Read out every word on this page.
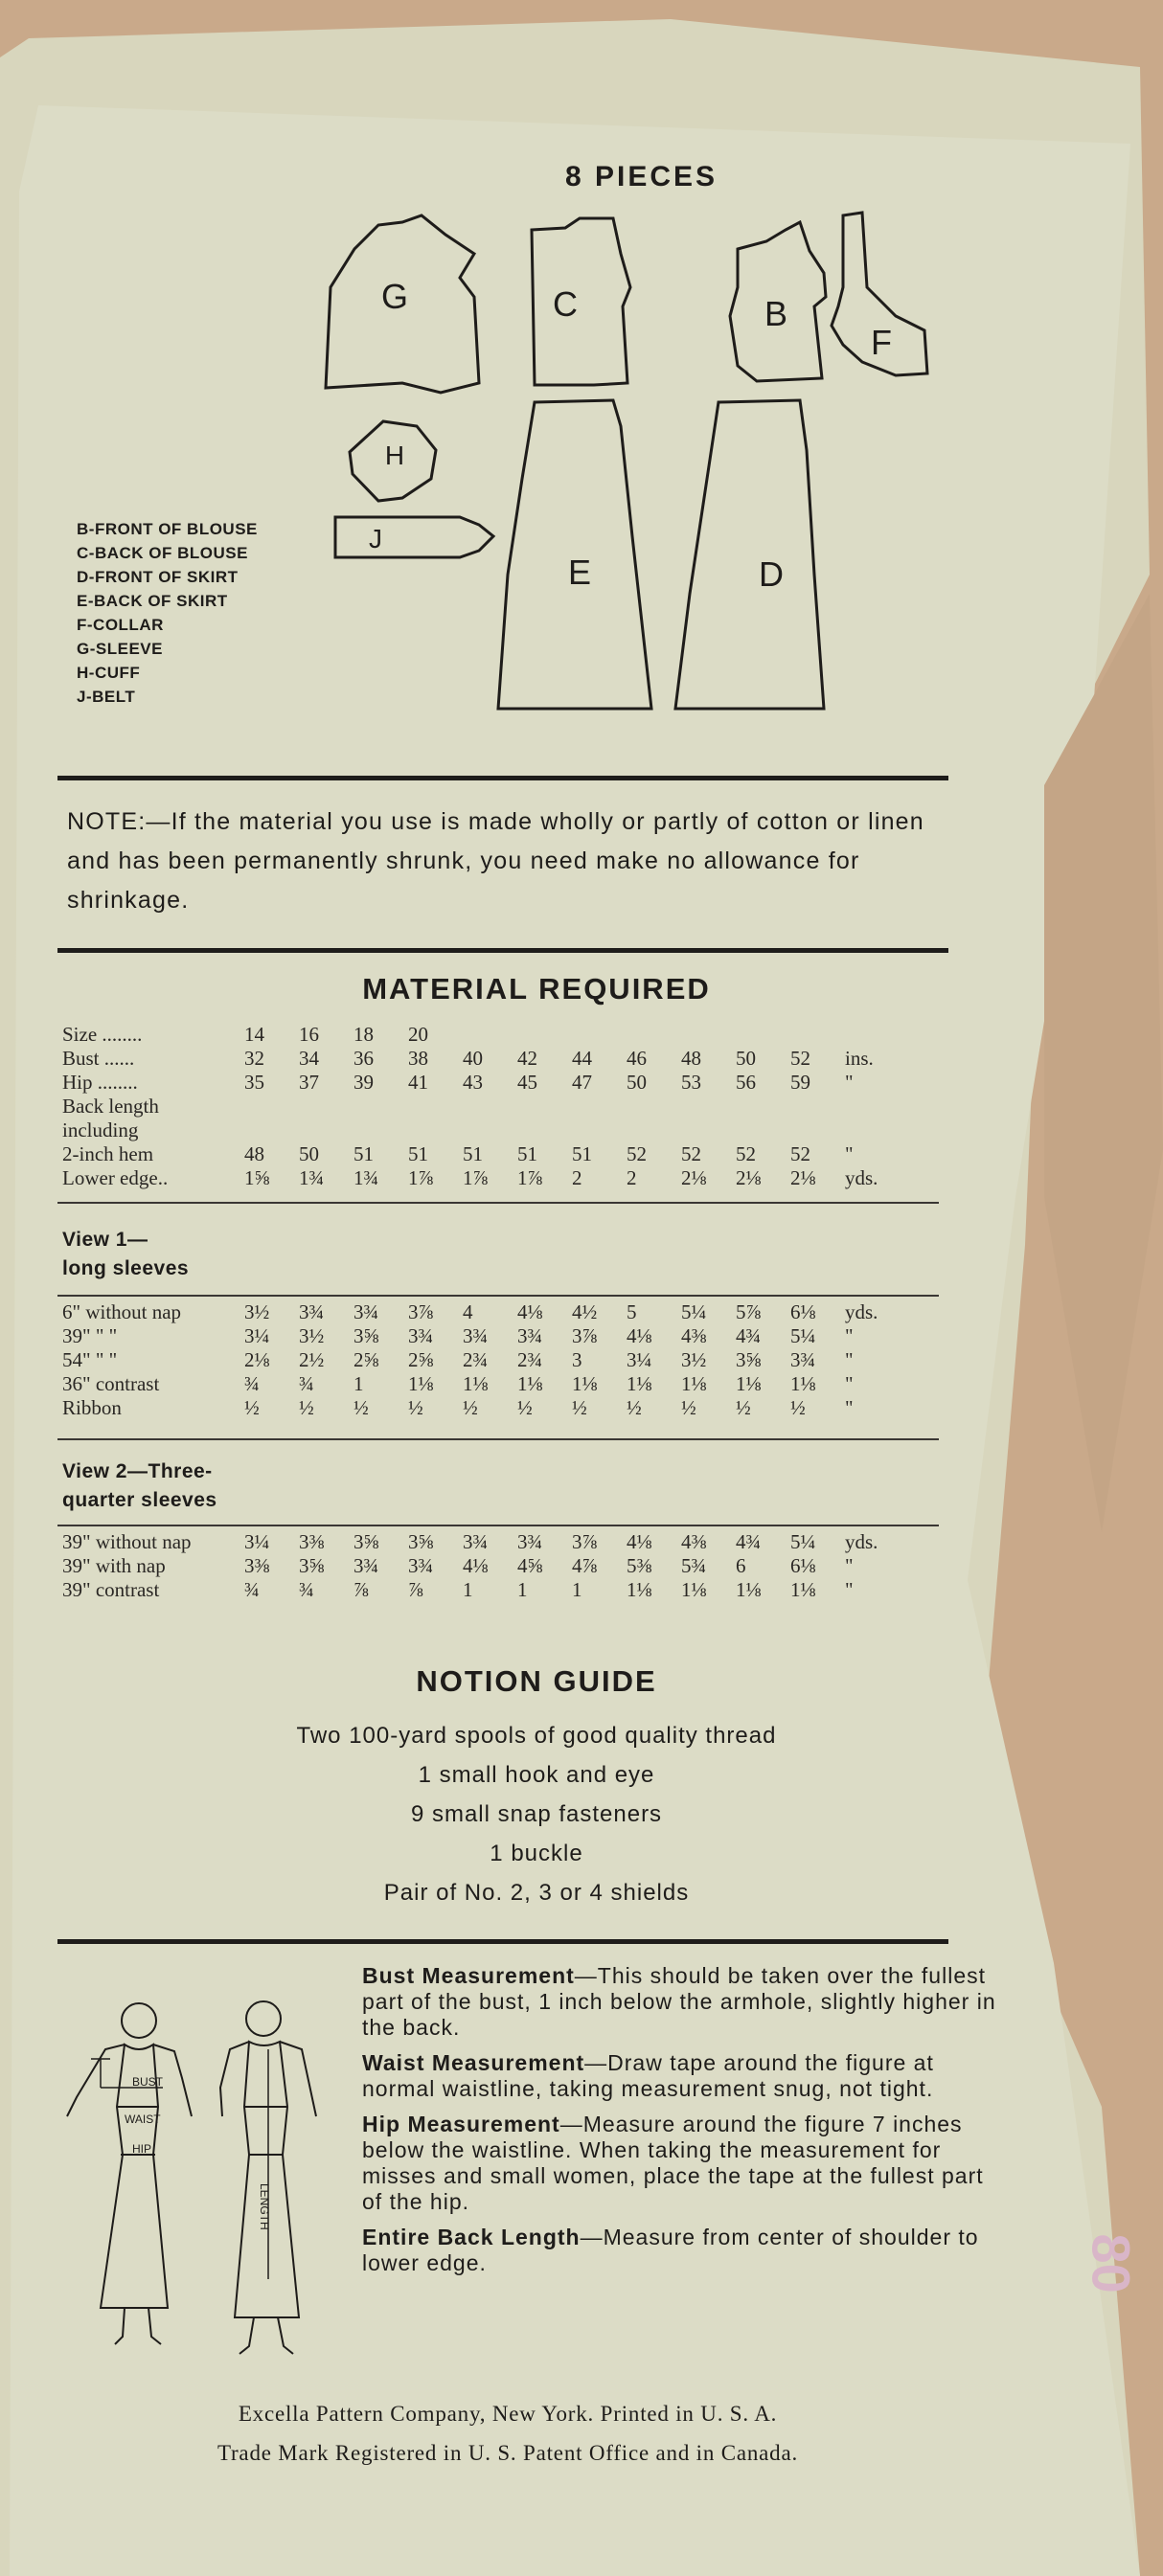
8 PIECES
G	C	B
F
H
J
E	D
B-FRONT OF BLOUSE
C-BACK OF BLOUSE
D-FRONT OF SKIRT
E-BACK OF SKIRT
F-COLLAR
G-SLEEVE
H-CUFF
J-BELT
NOTE:—If the material you use is made wholly or partly of cotton or linen and has been permanently shrunk, you need make no allowance for shrinkage.
MATERIAL REQUIRED
Size ........	14	16	18	20								
Bust ......	32	34	36	38	40	42	44	46	48	50	52	ins.
Hip ........	35	37	39	41	43	45	47	50	53	56	59	"
Back length												
including												
2-inch hem	48	50	51	51	51	51	51	52	52	52	52	"
Lower edge..	1⅝	1¾	1¾	1⅞	1⅞	1⅞	2	2	2⅛	2⅛	2⅛	yds.
View 1—
long sleeves
6" without nap	3½	3¾	3¾	3⅞	4	4⅛	4½	5	5¼	5⅞	6⅛	yds.
39" " "	3¼	3½	3⅝	3¾	3¾	3¾	3⅞	4⅛	4⅜	4¾	5¼	"
54" " "	2⅛	2½	2⅝	2⅝	2¾	2¾	3	3¼	3½	3⅝	3¾	"
36" contrast	¾	¾	1	1⅛	1⅛	1⅛	1⅛	1⅛	1⅛	1⅛	1⅛	"
Ribbon	½	½	½	½	½	½	½	½	½	½	½	"
View 2—Three-
quarter sleeves
39" without nap	3¼	3⅜	3⅝	3⅝	3¾	3¾	3⅞	4⅛	4⅜	4¾	5¼	yds.
39" with nap	3⅜	3⅝	3¾	3¾	4⅛	4⅝	4⅞	5⅜	5¾	6	6⅛	"
39" contrast	¾	¾	⅞	⅞	1	1	1	1⅛	1⅛	1⅛	1⅛	"
NOTION GUIDE
Two 100-yard spools of good quality thread
1 small hook and eye
9 small snap fasteners
1 buckle
Pair of No. 2, 3 or 4 shields
BUST
WAIST
HIP
LENGTH

Bust Measurement—This should be taken over the fullest part of the bust, 1 inch below the armhole, slightly higher in the back.

Waist Measurement—Draw tape around the figure at normal waistline, taking measurement snug, not tight.

Hip Measurement—Measure around the figure 7 inches below the waistline. When taking the measurement for misses and small women, place the tape at the fullest part of the hip.

Entire Back Length—Measure from center of shoulder to lower edge.	80
Excella Pattern Company, New York. Printed in U. S. A.
Trade Mark Registered in U. S. Patent Office and in Canada.
